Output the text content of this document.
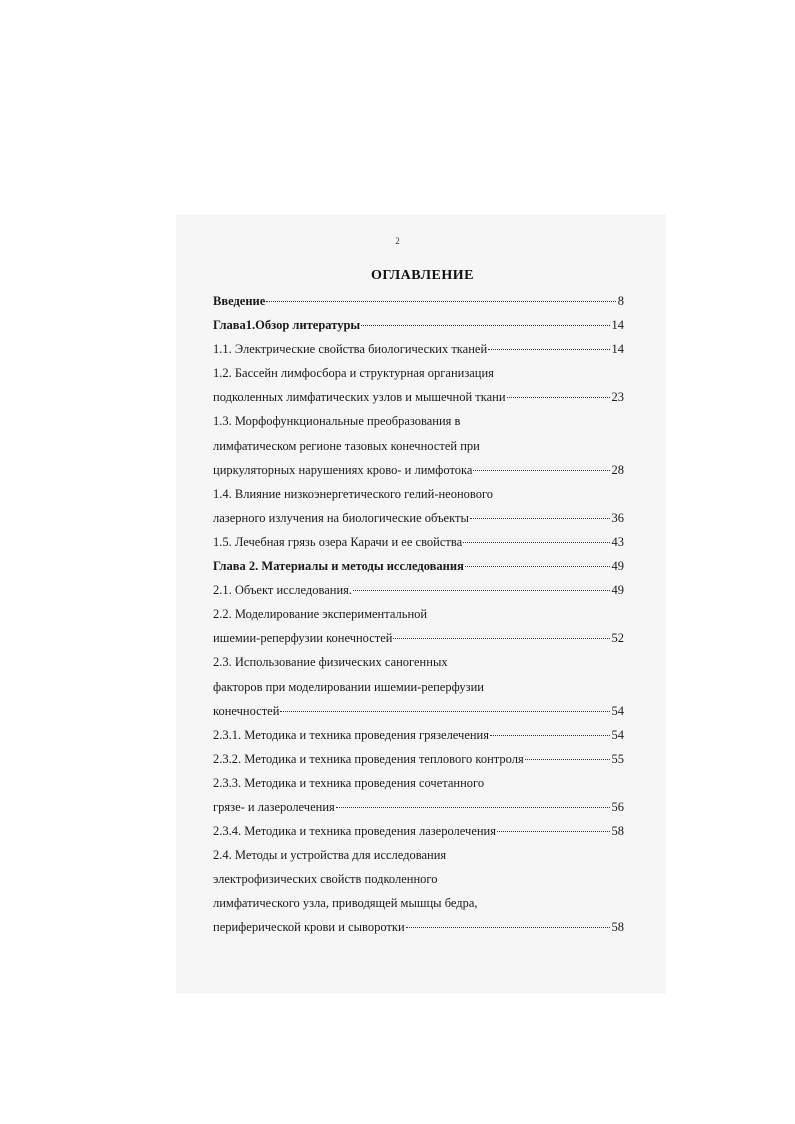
2
ОГЛАВЛЕНИЕ
Введение	8
Глава1.Обзор литературы	14
1.1. Электрические свойства биологических тканей	14
1.2. Бассейн лимфосбора и структурная организация
подколенных лимфатических узлов и мышечной ткани	23
1.3. Морфофункциональные преобразования в
лимфатическом регионе тазовых конечностей при
циркуляторных нарушениях крово- и лимфотока	28
1.4. Влияние низкоэнергетического гелий-неонового
лазерного излучения на биологические объекты	36
1.5. Лечебная грязь озера Карачи и ее свойства	43
Глава 2. Материалы и методы исследования	49
2.1. Объект исследования.	49
2.2. Моделирование экспериментальной
ишемии-реперфузии конечностей	52
2.3. Использование физических саногенных
факторов при моделировании ишемии-реперфузии
конечностей	54
2.3.1. Методика и техника проведения грязелечения	54
2.3.2. Методика и техника проведения теплового контроля	55
2.3.3. Методика и техника проведения сочетанного
грязе- и лазеролечения	56
2.3.4. Методика и техника проведения лазеролечения	58
2.4. Методы и устройства для исследования
электрофизических свойств подколенного
лимфатического узла, приводящей мышцы бедра,
периферической крови и сыворотки	58
